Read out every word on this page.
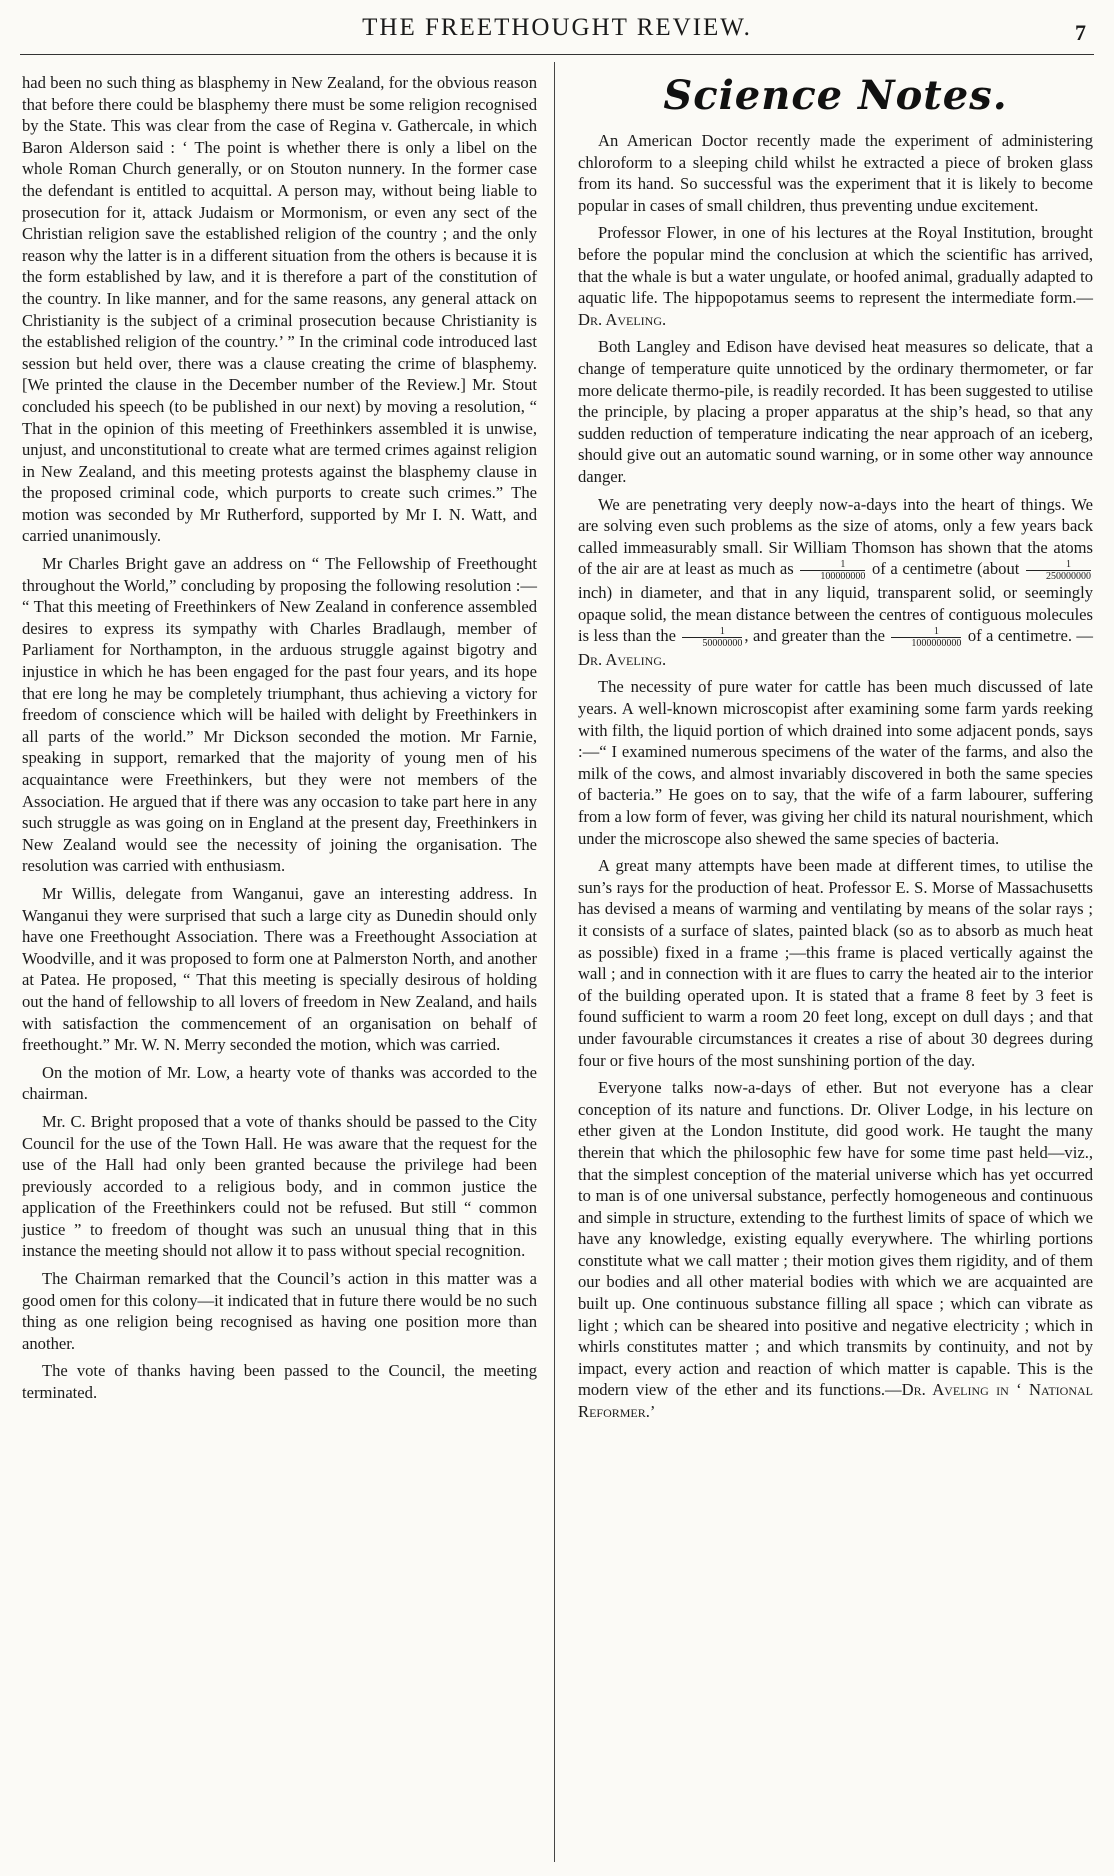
THE FREETHOUGHT REVIEW.	7

had been no such thing as blasphemy in New Zealand, for the obvious reason that before there could be blasphemy there must be some religion recognised by the State. This was clear from the case of Regina v. Gathercale, in which Baron Alderson said : ‘ The point is whether there is only a libel on the whole Roman Church generally, or on Stouton nunnery. In the former case the defendant is entitled to acquittal. A person may, without being liable to prosecution for it, attack Judaism or Mormonism, or even any sect of the Christian religion save the established religion of the country ; and the only reason why the latter is in a different situation from the others is because it is the form established by law, and it is therefore a part of the constitution of the country. In like manner, and for the same reasons, any general attack on Christianity is the subject of a criminal prosecution because Christianity is the established religion of the country.’ ” In the criminal code introduced last session but held over, there was a clause creating the crime of blasphemy. [We printed the clause in the December number of the Review.] Mr. Stout concluded his speech (to be published in our next) by moving a resolution, “ That in the opinion of this meeting of Freethinkers assembled it is unwise, unjust, and unconstitutional to create what are termed crimes against religion in New Zealand, and this meeting protests against the blasphemy clause in the proposed criminal code, which purports to create such crimes.” The motion was seconded by Mr Rutherford, supported by Mr I. N. Watt, and carried unanimously.

Mr Charles Bright gave an address on “ The Fellowship of Freethought throughout the World,” concluding by proposing the following resolution :— “ That this meeting of Freethinkers of New Zealand in conference assembled desires to express its sympathy with Charles Bradlaugh, member of Parliament for Northampton, in the arduous struggle against bigotry and injustice in which he has been engaged for the past four years, and its hope that ere long he may be completely triumphant, thus achieving a victory for freedom of conscience which will be hailed with delight by Freethinkers in all parts of the world.” Mr Dickson seconded the motion. Mr Farnie, speaking in support, remarked that the majority of young men of his acquaintance were Freethinkers, but they were not members of the Association. He argued that if there was any occasion to take part here in any such struggle as was going on in England at the present day, Freethinkers in New Zealand would see the necessity of joining the organisation. The resolution was carried with enthusiasm.

Mr Willis, delegate from Wanganui, gave an interesting address. In Wanganui they were surprised that such a large city as Dunedin should only have one Freethought Association. There was a Freethought Association at Woodville, and it was proposed to form one at Palmerston North, and another at Patea. He proposed, “ That this meeting is specially desirous of holding out the hand of fellowship to all lovers of freedom in New Zealand, and hails with satisfaction the commencement of an organisation on behalf of freethought.” Mr. W. N. Merry seconded the motion, which was carried.

On the motion of Mr. Low, a hearty vote of thanks was accorded to the chairman.

Mr. C. Bright proposed that a vote of thanks should be passed to the City Council for the use of the Town Hall. He was aware that the request for the use of the Hall had only been granted because the privilege had been previously accorded to a religious body, and in common justice the application of the Freethinkers could not be refused. But still “ common justice ” to freedom of thought was such an unusual thing that in this instance the meeting should not allow it to pass without special recognition.

The Chairman remarked that the Council’s action in this matter was a good omen for this colony—it indicated that in future there would be no such thing as one religion being recognised as having one position more than another.

The vote of thanks having been passed to the Council, the meeting terminated.

Science Notes.

An American Doctor recently made the experiment of administering chloroform to a sleeping child whilst he extracted a piece of broken glass from its hand. So successful was the experiment that it is likely to become popular in cases of small children, thus preventing undue excitement.

Professor Flower, in one of his lectures at the Royal Institution, brought before the popular mind the conclusion at which the scientific has arrived, that the whale is but a water ungulate, or hoofed animal, gradually adapted to aquatic life. The hippopotamus seems to represent the intermediate form.—Dr. Aveling.

Both Langley and Edison have devised heat measures so delicate, that a change of temperature quite unnoticed by the ordinary thermometer, or far more delicate thermo-pile, is readily recorded. It has been suggested to utilise the principle, by placing a proper apparatus at the ship’s head, so that any sudden reduction of temperature indicating the near approach of an iceberg, should give out an automatic sound warning, or in some other way announce danger.

We are penetrating very deeply now-a-days into the heart of things. We are solving even such problems as the size of atoms, only a few years back called immeasurably small. Sir William Thomson has shown that the atoms of the air are at least as much as $\frac{1}{100000000}$ of a centimetre (about $\frac{1}{250000000}$
inch) in diameter, and that in any liquid, transparent solid, or seemingly opaque solid, the mean distance between the centres of contiguous molecules is less than the $\frac{1}{50000000}$ , and greater than the $\frac{1}{1000000000}$ of a centimetre. —Dr. Aveling.

The necessity of pure water for cattle has been much discussed of late years. A well-known microscopist after examining some farm yards reeking with filth, the liquid portion of which drained into some adjacent ponds, says :—“ I examined numerous specimens of the water of the farms, and also the milk of the cows, and almost invariably discovered in both the same species of bacteria.” He goes on to say, that the wife of a farm labourer, suffering from a low form of fever, was giving her child its natural nourishment, which under the microscope also shewed the same species of bacteria.

A great many attempts have been made at different times, to utilise the sun’s rays for the production of heat. Professor E. S. Morse of Massachusetts has devised a means of warming and ventilating by means of the solar rays ; it consists of a surface of slates, painted black (so as to absorb as much heat as possible) fixed in a frame ;—this frame is placed vertically against the wall ; and in connection with it are flues to carry the heated air to the interior of the building operated upon. It is stated that a frame 8 feet by 3 feet is found sufficient to warm a room 20 feet long, except on dull days ; and that under favourable circumstances it creates a rise of about 30 degrees during four or five hours of the most sunshining portion of the day.

Everyone talks now-a-days of ether. But not everyone has a clear conception of its nature and functions. Dr. Oliver Lodge, in his lecture on ether given at the London Institute, did good work. He taught the many therein that which the philosophic few have for some time past held—viz., that the simplest conception of the material universe which has yet occurred to man is of one universal substance, perfectly homogeneous and continuous and simple in structure, extending to the furthest limits of space of which we have any knowledge, existing equally everywhere. The whirling portions constitute what we call matter ; their motion gives them rigidity, and of them our bodies and all other material bodies with which we are acquainted are built up. One continuous substance filling all space ; which can vibrate as light ; which can be sheared into positive and negative electricity ; which in whirls constitutes matter ; and which transmits by continuity, and not by impact, every action and reaction of which matter is capable. This is the modern view of the ether and its functions.—Dr. Aveling in ‘ National Reformer.’
